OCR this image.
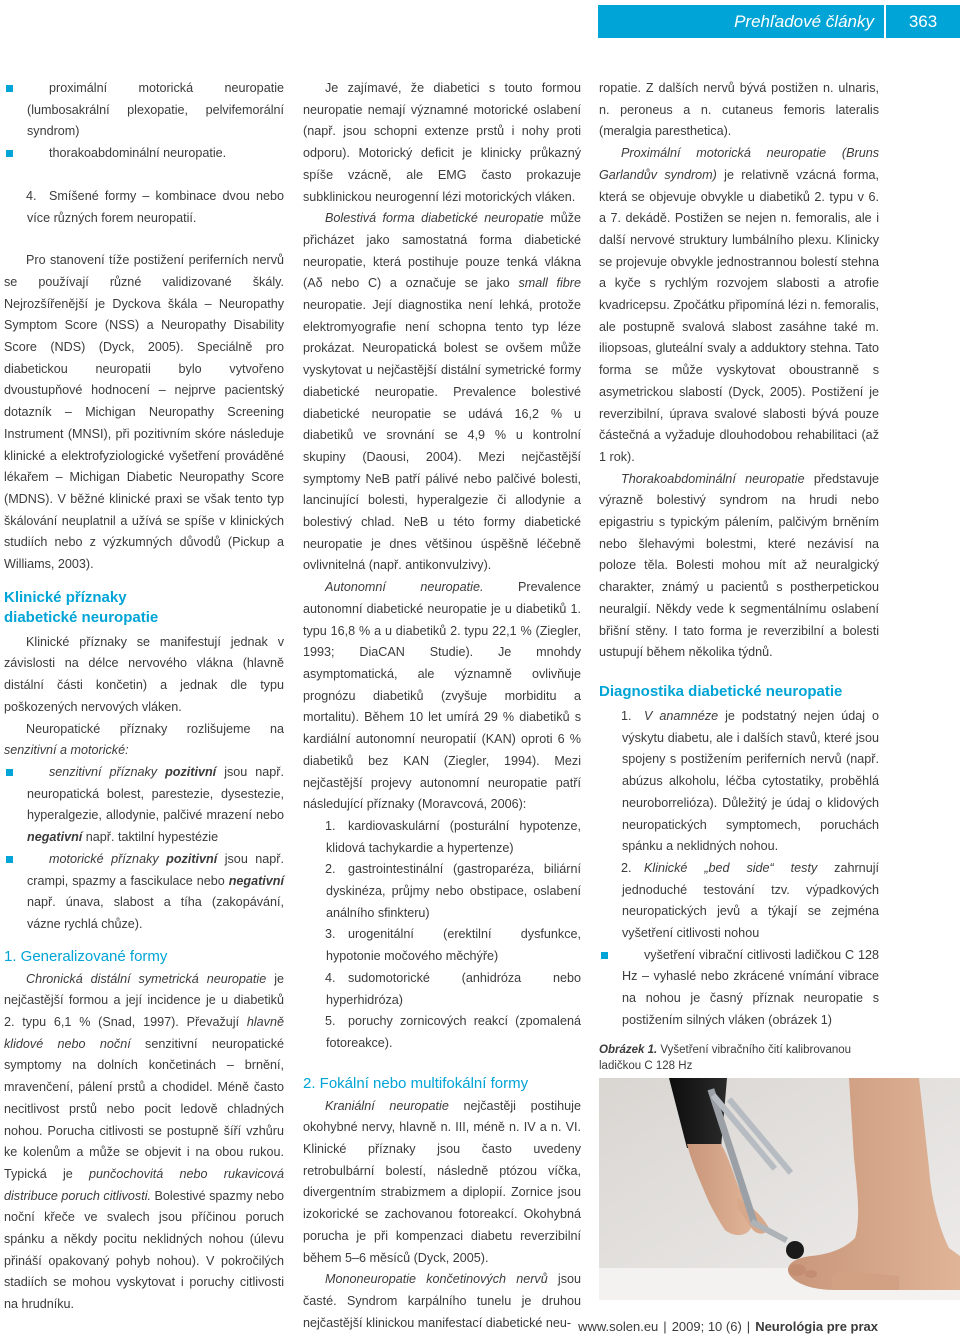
Prehľadové články	363

proximální motorická neuropatie (lumbosakrální plexopatie, pelvifemorální syndrom)

thorakoabdominální neuropatie.

4. Smíšené formy – kombinace dvou nebo více různých forem neuropatií.

Pro stanovení tíže postižení periferních nervů se používají různé validizované škály. Nejrozšířenější je Dyckova škála – Neuropathy Symptom Score (NSS) a Neuropathy Disability Score (NDS) (Dyck, 2005). Speciálně pro diabetickou neuropatii bylo vytvořeno dvoustupňové hodnocení – nejprve pacientský dotazník – Michigan Neuropathy Screening Instrument (MNSI), při pozitivním skóre následuje klinické a elektrofyziologické vyšetření prováděné lékařem – Michigan Diabetic Neuropathy Score (MDNS). V běžné klinické praxi se však tento typ škálování neuplatnil a užívá se spíše v klinických studiích nebo z výzkumných důvodů (Pickup a Williams, 2003).

Klinické příznaky
diabetické neuropatie

Klinické příznaky se manifestují jednak v závislosti na délce nervového vlákna (hlavně distální části končetin) a jednak dle typu poškozených nervových vláken.

Neuropatické příznaky rozlišujeme na senzitivní a motorické:

senzitivní příznaky pozitivní jsou např. neuropatická bolest, parestezie, dysestezie, hyperalgezie, allodynie, palčivé mrazení nebo negativní např. taktilní hypestézie

motorické příznaky pozitivní jsou např. crampi, spazmy a fascikulace nebo negativní např. únava, slabost a tíha (zakopávání, vázne rychlá chůze).

1. Generalizované formy

Chronická distální symetrická neuropatie je nejčastější formou a její incidence je u diabetiků 2. typu 6,1 % (Snad, 1997). Převažují hlavně klidové nebo noční senzitivní neuropatické symptomy na dolních končetinách – brnění, mravenčení, pálení prstů a chodidel. Méně často necitlivost prstů nebo pocit ledově chladných nohou. Porucha citlivosti se postupně šíří vzhůru ke kolenům a může se objevit i na obou rukou. Typická je punčochovitá nebo rukavicová distribuce poruch citlivosti. Bolestivé spazmy nebo noční křeče ve svalech jsou příčinou poruch spánku a někdy pocitu neklidných nohou (úlevu přináší opakovaný pohyb nohou). V pokročilých stadiích se mohou vyskytovat i poruchy citlivosti na hrudníku.

Je zajímavé, že diabetici s touto formou neuropatie nemají významné motorické oslabení (např. jsou schopni extenze prstů i nohy proti odporu). Motorický deficit je klinicky průkazný spíše vzácně, ale EMG často prokazuje subklinickou neurogenní lézi motorických vláken.

Bolestivá forma diabetické neuropatie může přicházet jako samostatná forma diabetické neuropatie, která postihuje pouze tenká vlákna (Aδ nebo C) a označuje se jako small fibre neuropatie. Její diagnostika není lehká, protože elektromyografie není schopna tento typ léze prokázat. Neuropatická bolest se ovšem může vyskytovat u nejčastější distální symetrické formy diabetické neuropatie. Prevalence bolestivé diabetické neuropatie se udává 16,2 % u diabetiků ve srovnání se 4,9 % u kontrolní skupiny (Daousi, 2004). Mezi nejčastější symptomy NeB patří pálivé nebo palčivé bolesti, lancinující bolesti, hyperalgezie či allodynie a bolestivý chlad. NeB u této formy diabetické neuropatie je dnes většinou úspěšně léčebně ovlivnitelná (např. antikonvulzivy).

Autonomní neuropatie. Prevalence autonomní diabetické neuropatie je u diabetiků 1. typu 16,8 % a u diabetiků 2. typu 22,1 % (Ziegler, 1993; DiaCAN Studie). Je mnohdy asymptomatická, ale významně ovlivňuje prognózu diabetiků (zvyšuje morbiditu a mortalitu). Během 10 let umírá 29 % diabetiků s kardiální autonomní neuropatií (KAN) oproti 6 % diabetiků bez KAN (Ziegler, 1994). Mezi nejčastější projevy autonomní neuropatie patří následující příznaky (Moravcová, 2006):

1. kardiovaskulární (posturální hypotenze, klidová tachykardie a hypertenze)

2. gastrointestinální (gastroparéza, biliární dyskinéza, průjmy nebo obstipace, oslabení análního sfinkteru)

3. urogenitální (erektilní dysfunkce, hypotonie močového měchýře)

4. sudomotorické (anhidróza nebo hyperhidróza)

5. poruchy zornicových reakcí (zpomalená fotoreakce).

2. Fokální nebo multifokální formy

Kraniální neuropatie nejčastěji postihuje okohybné nervy, hlavně n. III, méně n. IV a n. VI. Klinické příznaky jsou často uvedeny retrobulbární bolestí, následně ptózou víčka, divergentním strabizmem a diplopií. Zornice jsou izokorické se zachovanou fotoreakcí. Okohybná porucha je při kompenzaci diabetu reverzibilní během 5–6 měsíců (Dyck, 2005).

Mononeuropatie končetinových nervů jsou časté. Syndrom karpálního tunelu je druhou nejčastější klinickou manifestací diabetické neu-

ropatie. Z dalších nervů bývá postižen n. ulnaris, n. peroneus a n. cutaneus femoris lateralis (meralgia paresthetica).

Proximální motorická neuropatie (Bruns Garlandův syndrom) je relativně vzácná forma, která se objevuje obvykle u diabetiků 2. typu v 6. a 7. dekádě. Postižen se nejen n. femoralis, ale i další nervové struktury lumbálního plexu. Klinicky se projevuje obvykle jednostrannou bolestí stehna a kyče s rychlým rozvojem slabosti a atrofie kvadricepsu. Zpočátku připomíná lézi n. femoralis, ale postupně svalová slabost zasáhne také m. iliopsoas, gluteální svaly a adduktory stehna. Tato forma se může vyskytovat oboustranně s asymetrickou slabostí (Dyck, 2005). Postižení je reverzibilní, úprava svalové slabosti bývá pouze částečná a vyžaduje dlouhodobou rehabilitaci (až 1 rok).

Thorakoabdominální neuropatie představuje výrazně bolestivý syndrom na hrudi nebo epigastriu s typickým pálením, palčivým brněním nebo šlehavými bolestmi, které nezávisí na poloze těla. Bolesti mohou mít až neuralgický charakter, známý u pacientů s postherpetickou neuralgií. Někdy vede k segmentálnímu oslabení břišní stěny. I tato forma je reverzibilní a bolesti ustupují během několika týdnů.

Diagnostika diabetické neuropatie

1. V anamnéze je podstatný nejen údaj o výskytu diabetu, ale i dalších stavů, které jsou spojeny s postižením periferních nervů (např. abúzus alkoholu, léčba cytostatiky, proběhlá neuroborrelióza). Důležitý je údaj o klidových neuropatických symptomech, poruchách spánku a neklidných nohou.

2. Klinické „bed side“ testy zahrnují jednoduché testování tzv. výpadkových neuropatických jevů a týkají se zejména vyšetření citlivosti nohou

vyšetření vibrační citlivosti ladičkou C 128 Hz – vyhaslé nebo zkrácené vnímání vibrace na nohou je časný příznak neuropatie s postižením silných vláken (obrázek 1)

Obrázek 1. Vyšetření vibračního čití kalibrovanou ladičkou C 128 Hz
www.solen.eu | 2009; 10 (6) | Neurológia pre prax
